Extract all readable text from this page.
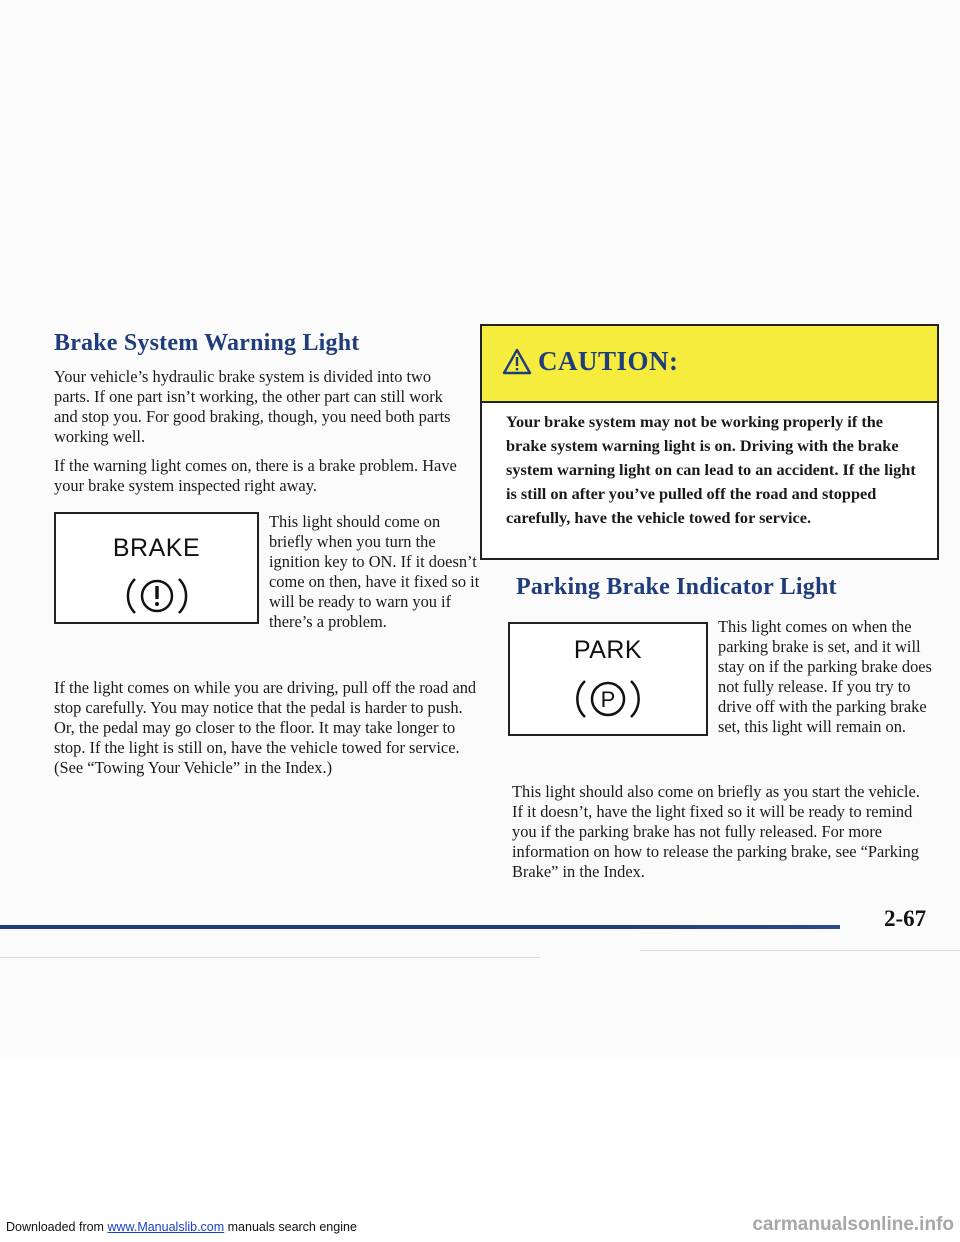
Brake System Warning Light

Your vehicle’s hydraulic brake system is divided into two parts. If one part isn’t working, the other part can still work and stop you. For good braking, though, you need both parts working well.

If the warning light comes on, there is a brake problem. Have your brake system inspected right away.

BRAKE

This light should come on briefly when you turn the ignition key to ON. If it doesn’t come on then, have it fixed so it will be ready to warn you if there’s a problem.

If the light comes on while you are driving, pull off the road and stop carefully. You may notice that the pedal is harder to push. Or, the pedal may go closer to the floor. It may take longer to stop. If the light is still on, have the vehicle towed for service. (See “Towing Your Vehicle” in the Index.)

CAUTION:

Your brake system may not be working properly if the brake system warning light is on. Driving with the brake system warning light on can lead to an accident. If the light is still on after you’ve pulled off the road and stopped carefully, have the vehicle towed for service.

Parking Brake Indicator Light
PARK
P

This light comes on when the parking brake is set, and it will stay on if the parking brake does not fully release. If you try to drive off with the parking brake set, this light will remain on.

This light should also come on briefly as you start the vehicle. If it doesn’t, have the light fixed so it will be ready to remind you if the parking brake has not fully released. For more information on how to release the parking brake, see “Parking Brake” in the Index.

2-67

Downloaded from www.Manualslib.com manuals search engine	carmanualsonline.info
